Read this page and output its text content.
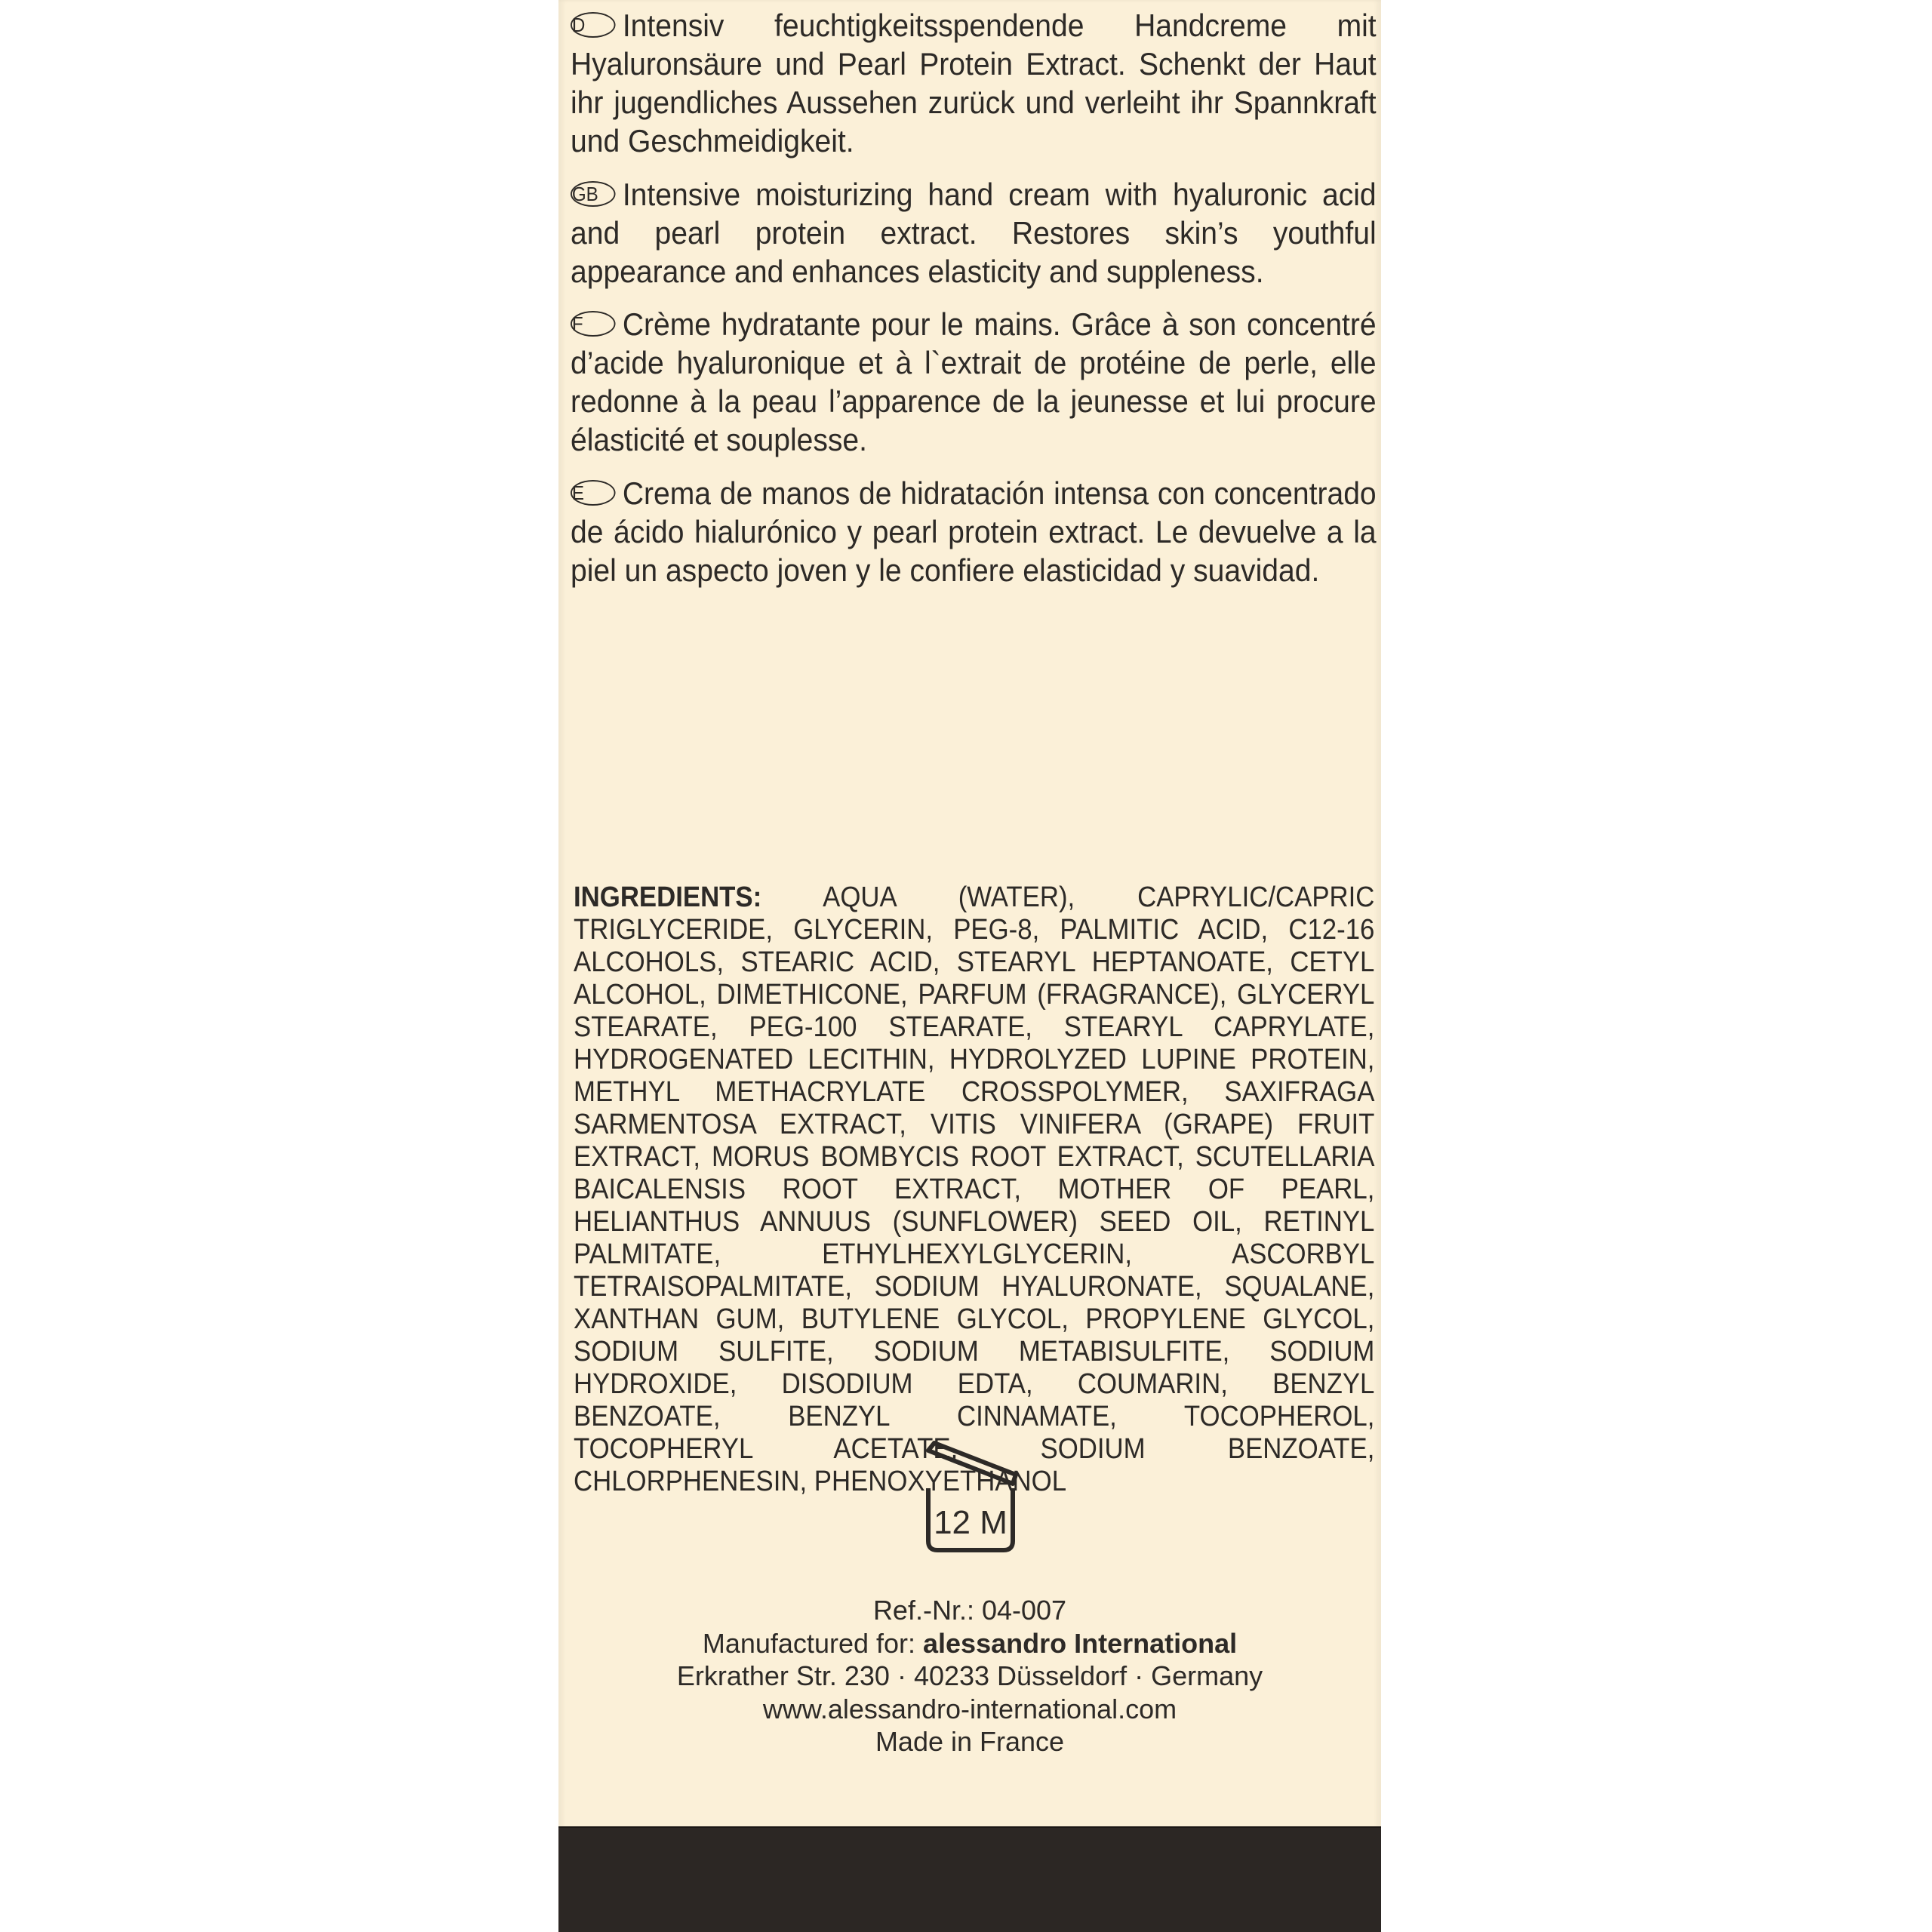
D Intensiv feuchtigkeitsspendende Handcreme mit Hyaluronsäure und Pearl Protein Extract. Schenkt der Haut ihr jugendliches Aussehen zurück und verleiht ihr Spannkraft und Geschmeidigkeit.

GB Intensive moisturizing hand cream with hyaluronic acid and pearl protein extract. Restores skin’s youthful appearance and enhances elasticity and suppleness.

F Crème hydratante pour le mains. Grâce à son concentré d’acide hyaluronique et à l`extrait de protéine de perle, elle redonne à la peau l’apparence de la jeunesse et lui procure élasticité et souplesse.

E Crema de manos de hidratación intensa con concentrado de ácido hialurónico y pearl protein extract. Le devuelve a la piel un aspecto joven y le confiere elasticidad y suavidad.

INGREDIENTS: AQUA (WATER), CAPRYLIC/CAPRIC TRIGLYCERIDE, GLYCERIN, PEG-8, PALMITIC ACID, C12-16 ALCOHOLS, STEARIC ACID, STEARYL HEPTANOATE, CETYL ALCOHOL, DIMETHICONE, PARFUM (FRAGRANCE), GLYCERYL STEARATE, PEG-100 STEARATE, STEARYL CAPRYLATE, HYDROGENATED LECITHIN, HYDROLYZED LUPINE PROTEIN, METHYL METHACRYLATE CROSSPOLYMER, SAXIFRAGA SARMENTOSA EXTRACT, VITIS VINIFERA (GRAPE) FRUIT EXTRACT, MORUS BOMBYCIS ROOT EXTRACT, SCUTELLARIA BAICALENSIS ROOT EXTRACT, MOTHER OF PEARL, HELIANTHUS ANNUUS (SUNFLOWER) SEED OIL, RETINYL PALMITATE, ETHYLHEXYLGLYCERIN, ASCORBYL TETRAISOPALMITATE, SODIUM HYALURONATE, SQUALANE, XANTHAN GUM, BUTYLENE GLYCOL, PROPYLENE GLYCOL, SODIUM SULFITE, SODIUM METABISULFITE, SODIUM HYDROXIDE, DISODIUM EDTA, COUMARIN, BENZYL BENZOATE, BENZYL CINNAMATE, TOCOPHEROL, TOCOPHERYL ACETATE, SODIUM BENZOATE, CHLORPHENESIN, PHENOXYETHANOL

12 M
Ref.-Nr.: 04-007
Manufactured for: alessandro International
Erkrather Str. 230 · 40233 Düsseldorf · Germany
www.alessandro-international.com
Made in France
